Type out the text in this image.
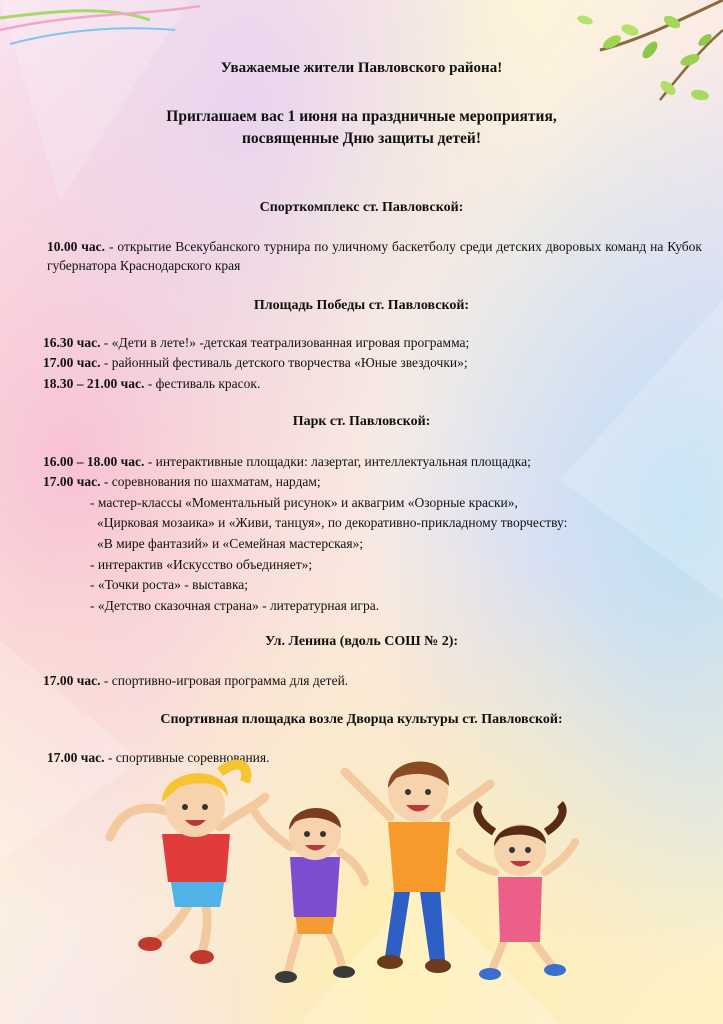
Уважаемые жители Павловского района!
Приглашаем вас 1 июня на праздничные мероприятия,
посвященные Дню защиты детей!
Спорткомплекс ст. Павловской:
10.00 час. - открытие Всекубанского турнира по уличному баскетболу среди детских дворовых команд на Кубок губернатора Краснодарского края
Площадь Победы ст. Павловской:
16.30 час. - «Дети в лете!» -детская театрализованная игровая программа;
17.00 час. - районный фестиваль детского творчества «Юные звездочки»;
18.30 – 21.00 час. - фестиваль красок.
Парк ст. Павловской:
16.00 – 18.00 час. - интерактивные площадки: лазертаг, интеллектуальная площадка;
17.00 час. - соревнования по шахматам, нардам;
- мастер-классы «Моментальный рисунок» и аквагрим «Озорные краски»,
«Цирковая мозаика» и «Живи, танцуя», по декоративно-прикладному творчеству:
«В мире фантазий» и «Семейная мастерская»;
- интерактив «Искусство объединяет»;
- «Точки роста» - выставка;
- «Детство сказочная страна» - литературная игра.
Ул. Ленина (вдоль СОШ № 2):
17.00 час. - спортивно-игровая программа для детей.
Спортивная площадка возле Дворца культуры ст. Павловской:
17.00 час. - спортивные соревнования.
